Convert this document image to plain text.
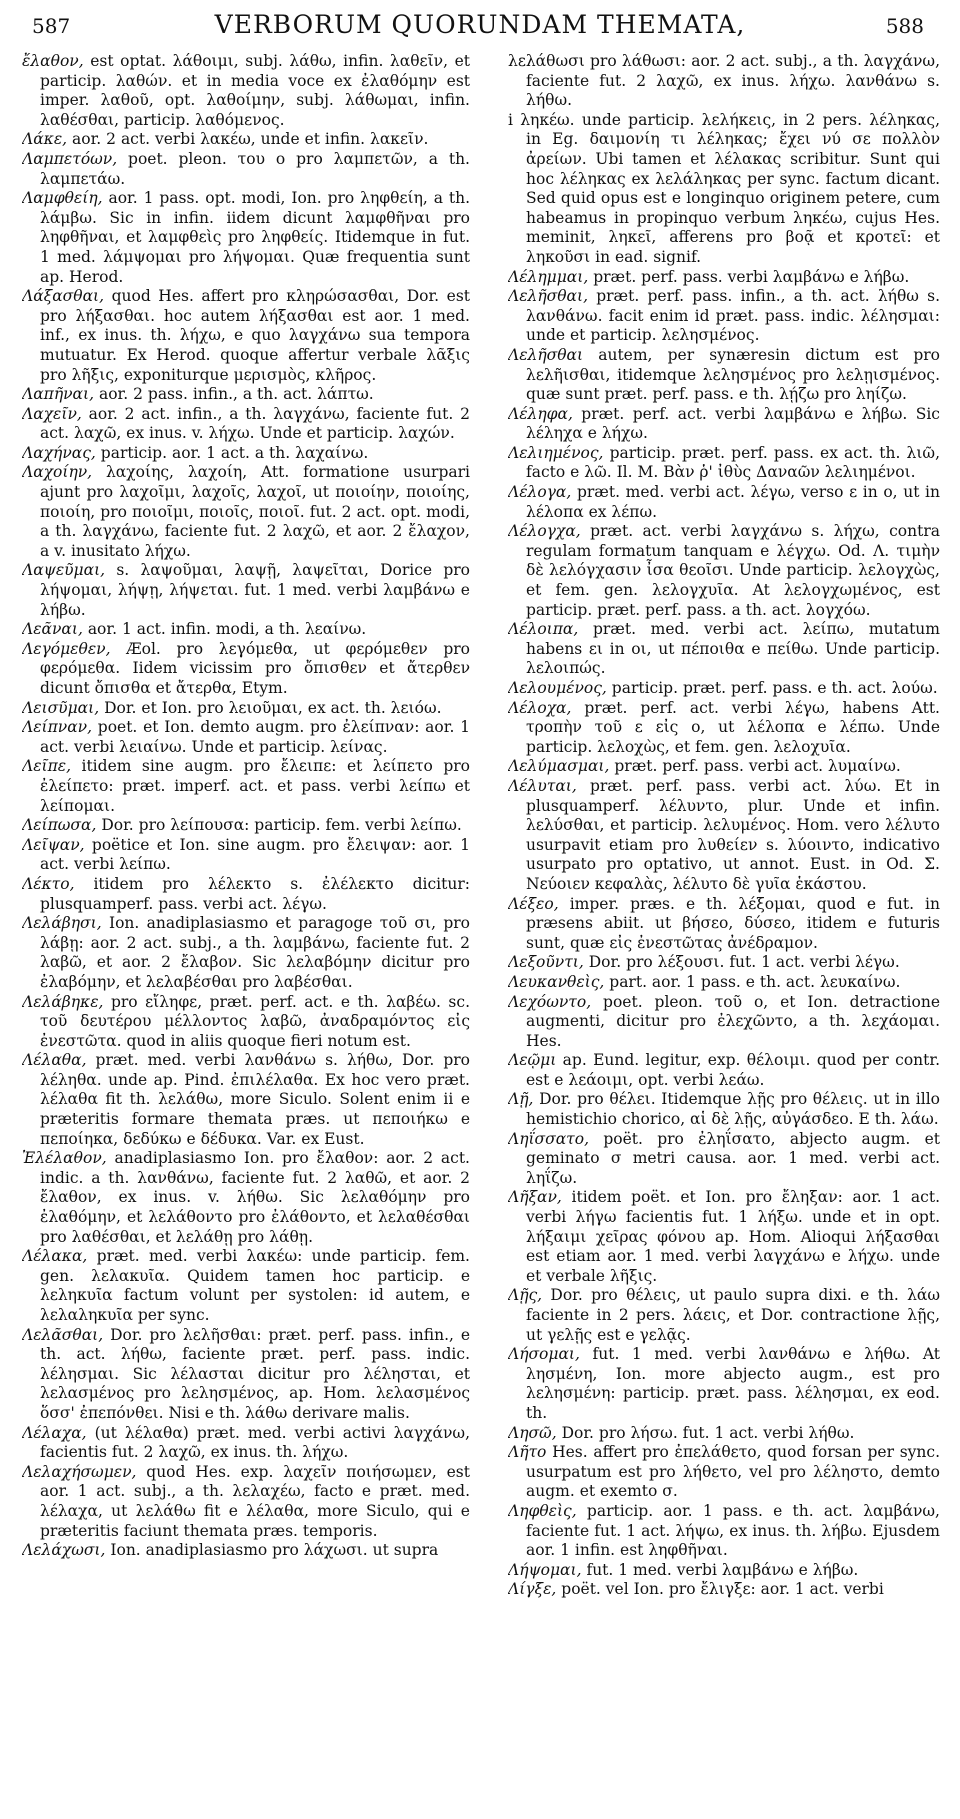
587	VERBORUM QUORUNDAM THEMATA,	588

ἔλαθον, est optat. λάθοιμι, subj. λάθω, infin. λαθεῖν, et particip. λαθών. et in media voce ex ἐλαθόμην est imper. λαθοῦ, opt. λαθοίμην, subj. λάθωμαι, infin. λαθέσθαι, particip. λαθόμενος.

Λάκε, aor. 2 act. verbi λακέω, unde et infin. λακεῖν.

Λαμπετόων, poet. pleon. του ο pro λαμπετῶν, a th. λαμπετάω.

Λαμφθείη, aor. 1 pass. opt. modi, Ion. pro ληφθείη, a th. λάμβω. Sic in infin. iidem dicunt λαμφθῆναι pro ληφθῆναι, et λαμφθεὶς pro ληφθείς. Itidemque in fut. 1 med. λάμψομαι pro λήψομαι. Quæ frequentia sunt ap. Herod.

Λάξασθαι, quod Hes. affert pro κληρώσασθαι, Dor. est pro λήξασθαι. hoc autem λήξασθαι est aor. 1 med. inf., ex inus. th. λήχω, e quo λαγχάνω sua tempora mutuatur. Ex Herod. quoque affertur verbale λᾶξις pro λῆξις, exponiturque μερισμὸς, κλῆρος.

Λαπῆναι, aor. 2 pass. infin., a th. act. λάπτω.

Λαχεῖν, aor. 2 act. infin., a th. λαγχάνω, faciente fut. 2 act. λαχῶ, ex inus. v. λήχω. Unde et particip. λαχών.

Λαχήνας, particip. aor. 1 act. a th. λαχαίνω.

Λαχοίην, λαχοίης, λαχοίη, Att. formatione usurpari ajunt pro λαχοῖμι, λαχοῖς, λαχοῖ, ut ποιοίην, ποιοίης, ποιοίη, pro ποιοῖμι, ποιοῖς, ποιοῖ. fut. 2 act. opt. modi, a th. λαγχάνω, faciente fut. 2 λαχῶ, et aor. 2 ἔλαχον, a v. inusitato λήχω.

Λαψεῦμαι, s. λαψοῦμαι, λαψῇ, λαψεῖται, Dorice pro λήψομαι, λήψῃ, λήψεται. fut. 1 med. verbi λαμβάνω e λήβω.

Λεᾶναι, aor. 1 act. infin. modi, a th. λεαίνω.

Λεγόμεθεν, Æol. pro λεγόμεθα, ut φερόμεθεν pro φερόμεθα. Iidem vicissim pro ὄπισθεν et ἄτερθεν dicunt ὄπισθα et ἄτερθα, Etym.

Λεισῦμαι, Dor. et Ion. pro λειοῦμαι, ex act. th. λειόω.

Λείπναν, poet. et Ion. demto augm. pro ἐλείπναν: aor. 1 act. verbi λειαίνω. Unde et particip. λείνας.

Λεῖπε, itidem sine augm. pro ἔλειπε: et λείπετο pro ἐλείπετο: præt. imperf. act. et pass. verbi λείπω et λείπομαι.

Λείπωσα, Dor. pro λείπουσα: particip. fem. verbi λείπω.

Λεῖψαν, poëtice et Ion. sine augm. pro ἔλειψαν: aor. 1 act. verbi λείπω.

Λέκτο, itidem pro λέλεκτο s. ἐλέλεκτο dicitur: plusquamperf. pass. verbi act. λέγω.

Λελάβησι, Ion. anadiplasiasmo et paragoge τοῦ σι, pro λάβῃ: aor. 2 act. subj., a th. λαμβάνω, faciente fut. 2 λαβῶ, et aor. 2 ἔλαβον. Sic λελαβόμην dicitur pro ἐλαβόμην, et λελαβέσθαι pro λαβέσθαι.

Λελάβηκε, pro εἴληφε, præt. perf. act. e th. λαβέω. sc. τοῦ δευτέρου μέλλοντος λαβῶ, ἀναδραμόντος εἰς ἐνεστῶτα. quod in aliis quoque fieri notum est.

Λέλαθα, præt. med. verbi λανθάνω s. λήθω, Dor. pro λέληθα. unde ap. Pind. ἐπιλέλαθα. Ex hoc vero præt. λέλαθα fit th. λελάθω, more Siculo. Solent enim ii e præteritis formare themata præs. ut πεποιήκω e πεποίηκα, δεδύκω e δέδυκα. Var. ex Eust.

Ἐλέλαθον, anadiplasiasmo Ion. pro ἔλαθον: aor. 2 act. indic. a th. λανθάνω, faciente fut. 2 λαθῶ, et aor. 2 ἔλαθον, ex inus. v. λήθω. Sic λελαθόμην pro ἐλαθόμην, et λελάθοντο pro ἐλάθοντο, et λελαθέσθαι pro λαθέσθαι, et λελάθῃ pro λάθῃ.

Λέλακα, præt. med. verbi λακέω: unde particip. fem. gen. λελακυῖα. Quidem tamen hoc particip. e λεληκυῖα factum volunt per systolen: id autem, e λελαληκυῖα per sync.

Λελᾶσθαι, Dor. pro λελῆσθαι: præt. perf. pass. infin., e th. act. λήθω, faciente præt. perf. pass. indic. λέλησμαι. Sic λέλασται dicitur pro λέλησται, et λελασμένος pro λελησμένος, ap. Hom. λελασμένος ὅσσ' ἐπεπόνθει. Nisi e th. λάθω derivare malis.

Λέλαχα, (ut λέλαθα) præt. med. verbi activi λαγχάνω, facientis fut. 2 λαχῶ, ex inus. th. λήχω.

Λελαχήσωμεν, quod Hes. exp. λαχεῖν ποιήσωμεν, est aor. 1 act. subj., a th. λελαχέω, facto e præt. med. λέλαχα, ut λελάθω fit e λέλαθα, more Siculo, qui e præteritis faciunt themata præs. temporis.

Λελάχωσι, Ion. anadiplasiasmo pro λάχωσι. ut supra

λελάθωσι pro λάθωσι: aor. 2 act. subj., a th. λαγχάνω, faciente fut. 2 λαχῶ, ex inus. λήχω. λανθάνω s. λήθω.

i ληκέω. unde particip. λελήκεις, in 2 pers. λέληκας, in Eg. δαιμονίη τι λέληκας; ἔχει νύ σε πολλὸν ἀρείων. Ubi tamen et λέλακας scribitur. Sunt qui hoc λέληκας ex λελάληκας per sync. factum dicant. Sed quid opus est e longinquo originem petere, cum habeamus in propinquo verbum ληκέω, cujus Hes. meminit, ληκεῖ, afferens pro βοᾷ et κροτεῖ: et ληκοῦσι in ead. signif.

Λέλημμαι, præt. perf. pass. verbi λαμβάνω e λήβω.

Λελῆσθαι, præt. perf. pass. infin., a th. act. λήθω s. λανθάνω. facit enim id præt. pass. indic. λέλησμαι: unde et particip. λελησμένος.

Λελῆσθαι autem, per synæresin dictum est pro λελῆισθαι, itidemque λελησμένος pro λελῃισμένος. quæ sunt præt. perf. pass. e th. λῄζω pro ληίζω.

Λέληφα, præt. perf. act. verbi λαμβάνω e λήβω. Sic λέληχα e λήχω.

Λελιημένος, particip. præt. perf. pass. ex act. th. λιῶ, facto e λῶ. Il. M. Βὰν ῥ' ἰθὺς Δαναῶν λελιημένοι.

Λέλογα, præt. med. verbi act. λέγω, verso ε in ο, ut in λέλοπα ex λέπω.

Λέλογχα, præt. act. verbi λαγχάνω s. λήχω, contra regulam formatum tanquam e λέγχω. Od. Λ. τιμὴν δὲ λελόγχασιν ἶσα θεοῖσι. Unde particip. λελογχὼς, et fem. gen. λελογχυῖα. At λελογχωμένος, est particip. præt. perf. pass. a th. act. λογχόω.

Λέλοιπα, præt. med. verbi act. λείπω, mutatum habens ει in οι, ut πέποιθα e πείθω. Unde particip. λελοιπώς.

Λελουμένος, particip. præt. perf. pass. e th. act. λούω.

Λέλοχα, præt. perf. act. verbi λέγω, habens Att. τροπὴν τοῦ ε εἰς ο, ut λέλοπα e λέπω. Unde particip. λελοχὼς, et fem. gen. λελοχυῖα.

Λελύμασμαι, præt. perf. pass. verbi act. λυμαίνω.

Λέλυται, præt. perf. pass. verbi act. λύω. Et in plusquamperf. λέλυντο, plur. Unde et infin. λελύσθαι, et particip. λελυμένος. Hom. vero λέλυτο usurpavit etiam pro λυθείεν s. λύοιντο, indicativo usurpato pro optativo, ut annot. Eust. in Od. Σ. Νεύοιεν κεφαλὰς, λέλυτο δὲ γυῖα ἑκάστου.

Λέξεο, imper. præs. e th. λέξομαι, quod e fut. in præsens abiit. ut βήσεο, δύσεο, itidem e futuris sunt, quæ εἰς ἐνεστῶτας ἀνέδραμον.

Λεξοῦντι, Dor. pro λέξουσι. fut. 1 act. verbi λέγω.

Λευκανθεὶς, part. aor. 1 pass. e th. act. λευκαίνω.

Λεχόωντο, poet. pleon. τοῦ ο, et Ion. detractione augmenti, dicitur pro ἐλεχῶντο, a th. λεχάομαι. Hes.

Λεῷμι ap. Eund. legitur, exp. θέλοιμι. quod per contr. est e λεάοιμι, opt. verbi λεάω.

Λῇ, Dor. pro θέλει. Itidemque λῇς pro θέλεις. ut in illo hemistichio chorico, αἱ δὲ λῇς, αὐγάσδεο. E th. λάω.

Ληΐσσατο, poët. pro ἐληΐσατο, abjecto augm. et geminato σ metri causa. aor. 1 med. verbi act. ληΐζω.

Λῆξαν, itidem poët. et Ion. pro ἔληξαν: aor. 1 act. verbi λήγω facientis fut. 1 λήξω. unde et in opt. λήξαιμι χεῖρας φόνου ap. Hom. Alioqui λήξασθαι est etiam aor. 1 med. verbi λαγχάνω e λήχω. unde et verbale λῆξις.

Λῇς, Dor. pro θέλεις, ut paulo supra dixi. e th. λάω faciente in 2 pers. λάεις, et Dor. contractione λῇς, ut γελῇς est e γελᾷς.

Λήσομαι, fut. 1 med. verbi λανθάνω e λήθω. At λησμένη, Ion. more abjecto augm., est pro λελησμένη: particip. præt. pass. λέλησμαι, ex eod. th.

Λησῶ, Dor. pro λήσω. fut. 1 act. verbi λήθω.

Λῆτο Hes. affert pro ἐπελάθετο, quod forsan per sync. usurpatum est pro λήθετο, vel pro λέληστο, demto augm. et exemto σ.

Ληφθεὶς, particip. aor. 1 pass. e th. act. λαμβάνω, faciente fut. 1 act. λήψω, ex inus. th. λήβω. Ejusdem aor. 1 infin. est ληφθῆναι.

Λήψομαι, fut. 1 med. verbi λαμβάνω e λήβω.

Λίγξε, poët. vel Ion. pro ἔλιγξε: aor. 1 act. verbi
